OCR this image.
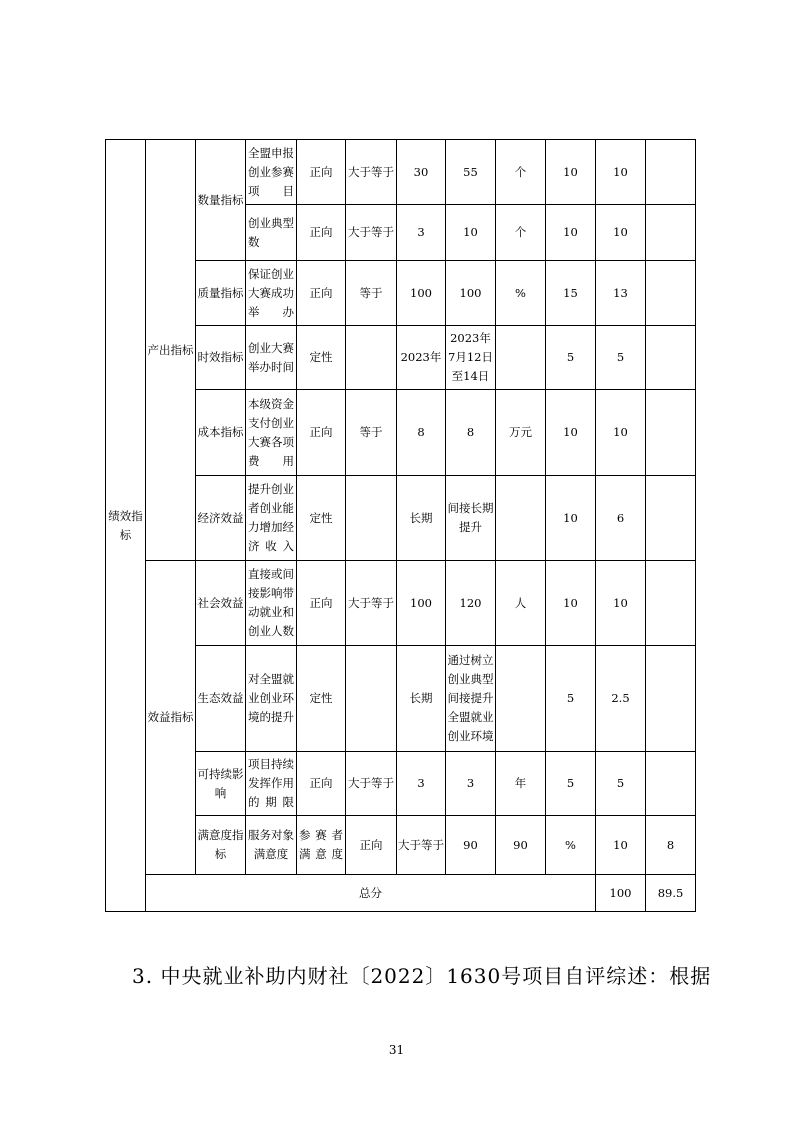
绩效指标	产出指标	数量指标	全盟申报创业参赛项目	正向	大于等于	30	55	个	10	10		
			创业典型数	正向	大于等于	3	10	个	10	10		
		质量指标	保证创业大赛成功举办	正向	等于	100	100	%	15	13		
		时效指标	创业大赛举办时间	定性		2023年	2023年7月12日至14日		5	5		
		成本指标	本级资金支付创业大赛各项费用	正向	等于	8	8	万元	10	10		
		经济效益	提升创业者创业能力增加经济收入	定性		长期	间接长期提升		10	6		
	效益指标	社会效益	直接或间接影响带动就业和创业人数	正向	大于等于	100	120	人	10	10		
		生态效益	对全盟就业创业环境的提升	定性		长期	通过树立创业典型间接提升全盟就业创业环境		5	2.5		
		可持续影响	项目持续发挥作用的期限	正向	大于等于	3	3	年	5	5		
		满意度指标	服务对象满意度	参赛者满意度	正向	大于等于	90	90	%	10	8	
	总分									100	89.5	
3. 中央就业补助内财社〔2022〕1630号项目自评综述：根据
31
